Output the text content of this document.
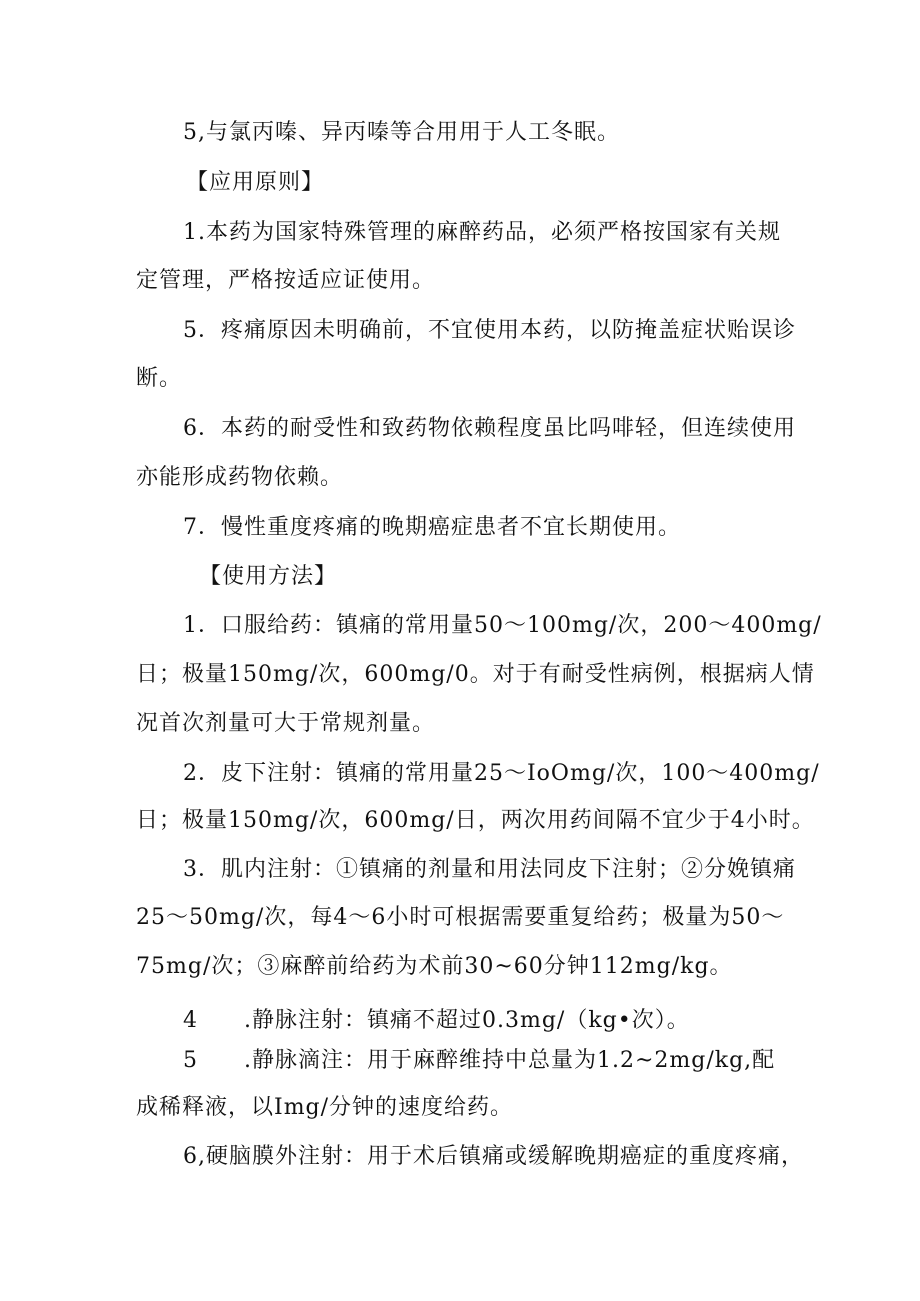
5,与氯丙嗪、异丙嗪等合用用于人工冬眠。
【应用原则】
1.本药为国家特殊管理的麻醉药品，必须严格按国家有关规
定管理，严格按适应证使用。
5．疼痛原因未明确前，不宜使用本药，以防掩盖症状贻误诊
断。
6．本药的耐受性和致药物依赖程度虽比吗啡轻，但连续使用
亦能形成药物依赖。
7．慢性重度疼痛的晚期癌症患者不宜长期使用。
【使用方法】
1．口服给药：镇痛的常用量50～100mg/次，200～400mg/
日；极量150mg/次，600mg/0。对于有耐受性病例，根据病人情
况首次剂量可大于常规剂量。
2．皮下注射：镇痛的常用量25～IoOmg/次，100～400mg/
日；极量150mg/次，600mg/日，两次用药间隔不宜少于4小时。
3．肌内注射：①镇痛的剂量和用法同皮下注射；②分娩镇痛
25～50mg/次，每4～6小时可根据需要重复给药；极量为50～
75mg/次；③麻醉前给药为术前30~60分钟112mg/kg。
4　　.静脉注射：镇痛不超过0.3mg/（kg•次）。
5　　.静脉滴注：用于麻醉维持中总量为1.2~2mg/kg,配
成稀释液，以Img/分钟的速度给药。
6,硬脑膜外注射：用于术后镇痛或缓解晚期癌症的重度疼痛，
